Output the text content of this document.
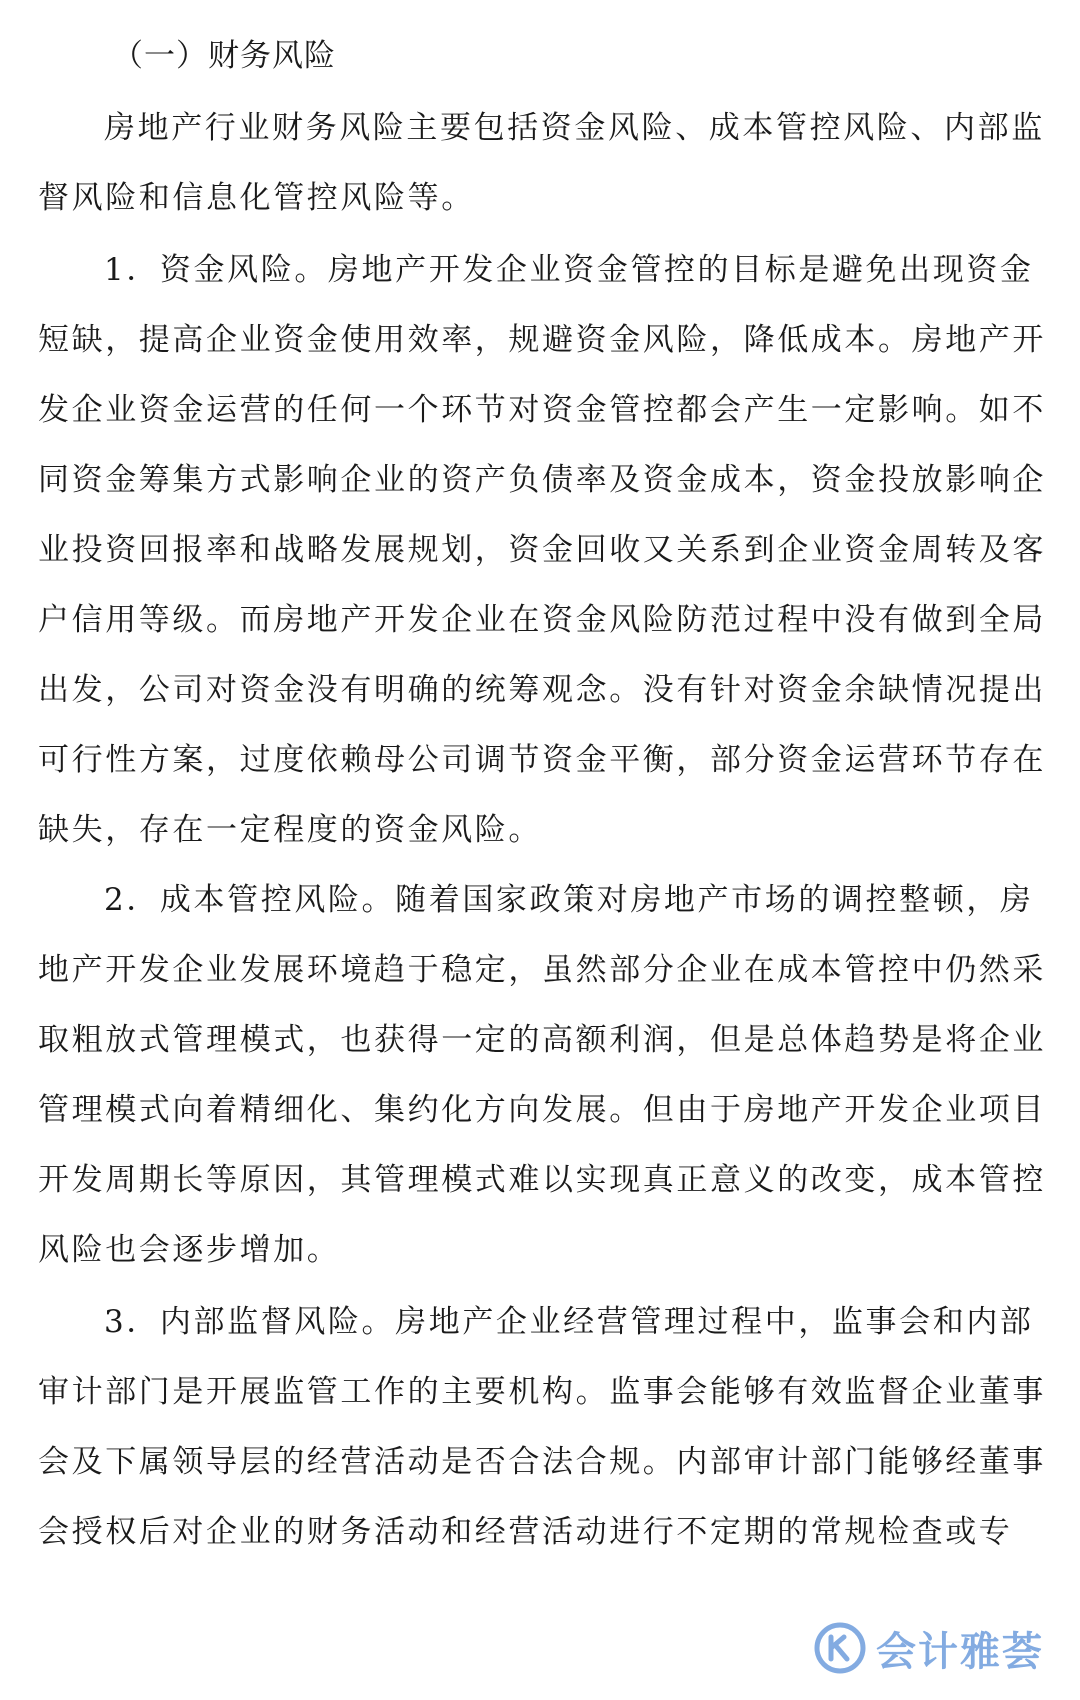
（一）财务风险
房地产行业财务风险主要包括资金风险、成本管控风险、内部监
督风险和信息化管控风险等。
1．资金风险。房地产开发企业资金管控的目标是避免出现资金
短缺，提高企业资金使用效率，规避资金风险，降低成本。房地产开
发企业资金运营的任何一个环节对资金管控都会产生一定影响。如不
同资金筹集方式影响企业的资产负债率及资金成本，资金投放影响企
业投资回报率和战略发展规划，资金回收又关系到企业资金周转及客
户信用等级。而房地产开发企业在资金风险防范过程中没有做到全局
出发，公司对资金没有明确的统筹观念。没有针对资金余缺情况提出
可行性方案，过度依赖母公司调节资金平衡，部分资金运营环节存在
缺失，存在一定程度的资金风险。
2．成本管控风险。随着国家政策对房地产市场的调控整顿，房
地产开发企业发展环境趋于稳定，虽然部分企业在成本管控中仍然采
取粗放式管理模式，也获得一定的高额利润，但是总体趋势是将企业
管理模式向着精细化、集约化方向发展。但由于房地产开发企业项目
开发周期长等原因，其管理模式难以实现真正意义的改变，成本管控
风险也会逐步增加。
3．内部监督风险。房地产企业经营管理过程中，监事会和内部
审计部门是开展监管工作的主要机构。监事会能够有效监督企业董事
会及下属领导层的经营活动是否合法合规。内部审计部门能够经董事
会授权后对企业的财务活动和经营活动进行不定期的常规检查或专
会计雅荟
